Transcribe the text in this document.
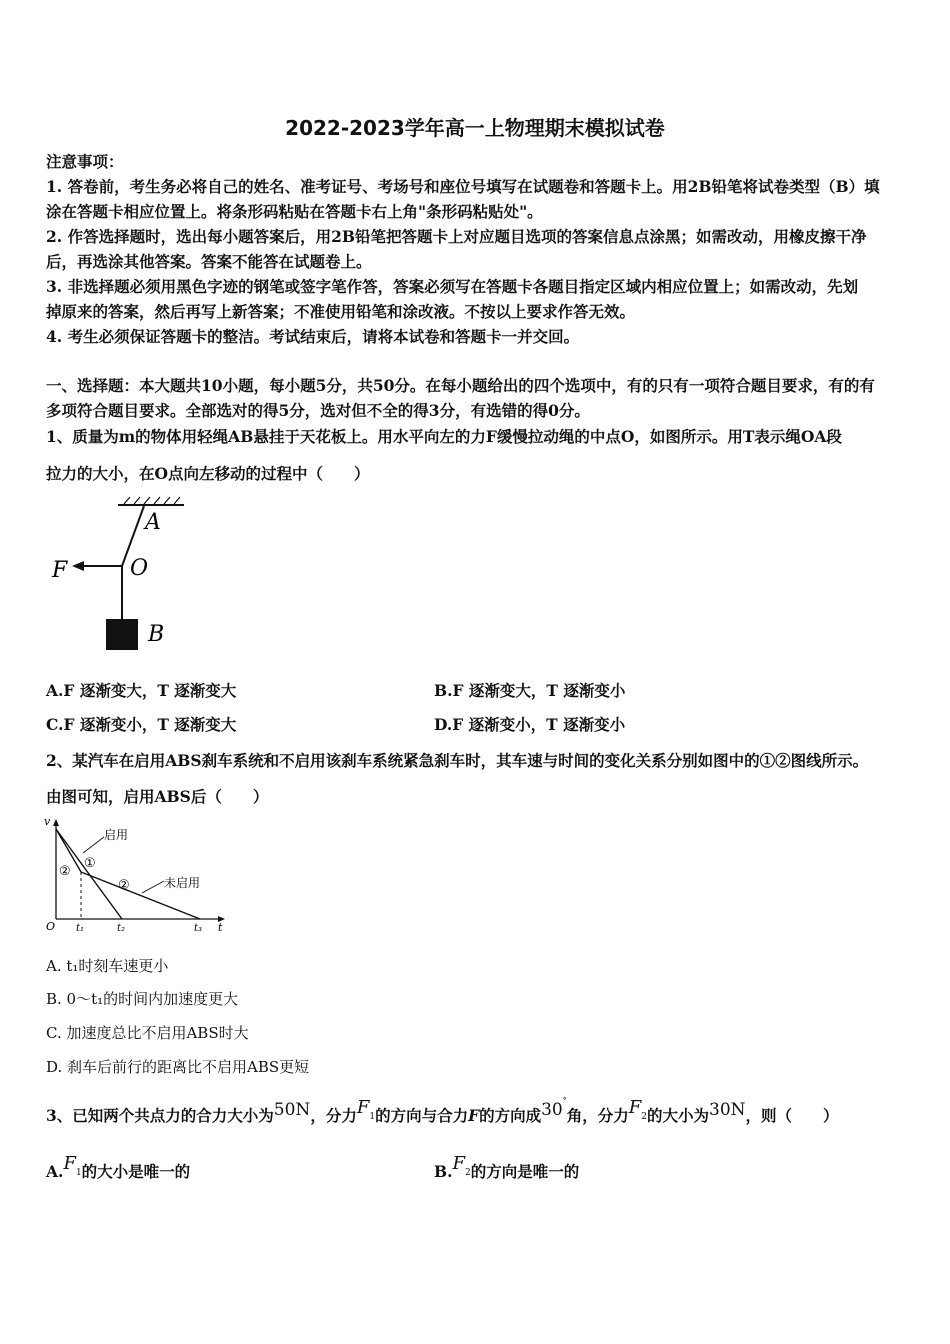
2022-2023学年高一上物理期末模拟试卷
注意事项：
1. 答卷前，考生务必将自己的姓名、准考证号、考场号和座位号填写在试题卷和答题卡上。用2B铅笔将试卷类型（B）填
涂在答题卡相应位置上。将条形码粘贴在答题卡右上角"条形码粘贴处"。
2. 作答选择题时，选出每小题答案后，用2B铅笔把答题卡上对应题目选项的答案信息点涂黑；如需改动，用橡皮擦干净
后，再选涂其他答案。答案不能答在试题卷上。
3. 非选择题必须用黑色字迹的钢笔或签字笔作答，答案必须写在答题卡各题目指定区域内相应位置上；如需改动，先划
掉原来的答案，然后再写上新答案；不准使用铅笔和涂改液。不按以上要求作答无效。
4. 考生必须保证答题卡的整洁。考试结束后，请将本试卷和答题卡一并交回。
一、选择题：本大题共10小题，每小题5分，共50分。在每小题给出的四个选项中，有的只有一项符合题目要求，有的有
多项符合题目要求。全部选对的得5分，选对但不全的得3分，有选错的得0分。
1、质量为m的物体用轻绳AB悬挂于天花板上。用水平向左的力F缓慢拉动绳的中点O，如图所示。用T表示绳OA段
拉力的大小，在O点向左移动的过程中（　　）
A
O
F
B
A.F 逐渐变大，T 逐渐变大	B.F 逐渐变大，T 逐渐变小
C.F 逐渐变小，T 逐渐变大	D.F 逐渐变小，T 逐渐变小
2、某汽车在启用ABS刹车系统和不启用该刹车系统紧急刹车时，其车速与时间的变化关系分别如图中的①②图线所示。
由图可知，启用ABS后（　　）
v
t
O t₁	t₂	t₃
启用
未启用
①
②
②
A. t₁时刻车速更小
B. 0～t₁的时间内加速度更大
C. 加速度总比不启用ABS时大
D. 刹车后前行的距离比不启用ABS更短
3、已知两个共点力的合力大小为50N，分力$F_1$的方向与合力F的方向成30°角，分力$F_2$的大小为30N，则（　　）
$A.F_1$的大小是唯一的	$B.F_2$的方向是唯一的
